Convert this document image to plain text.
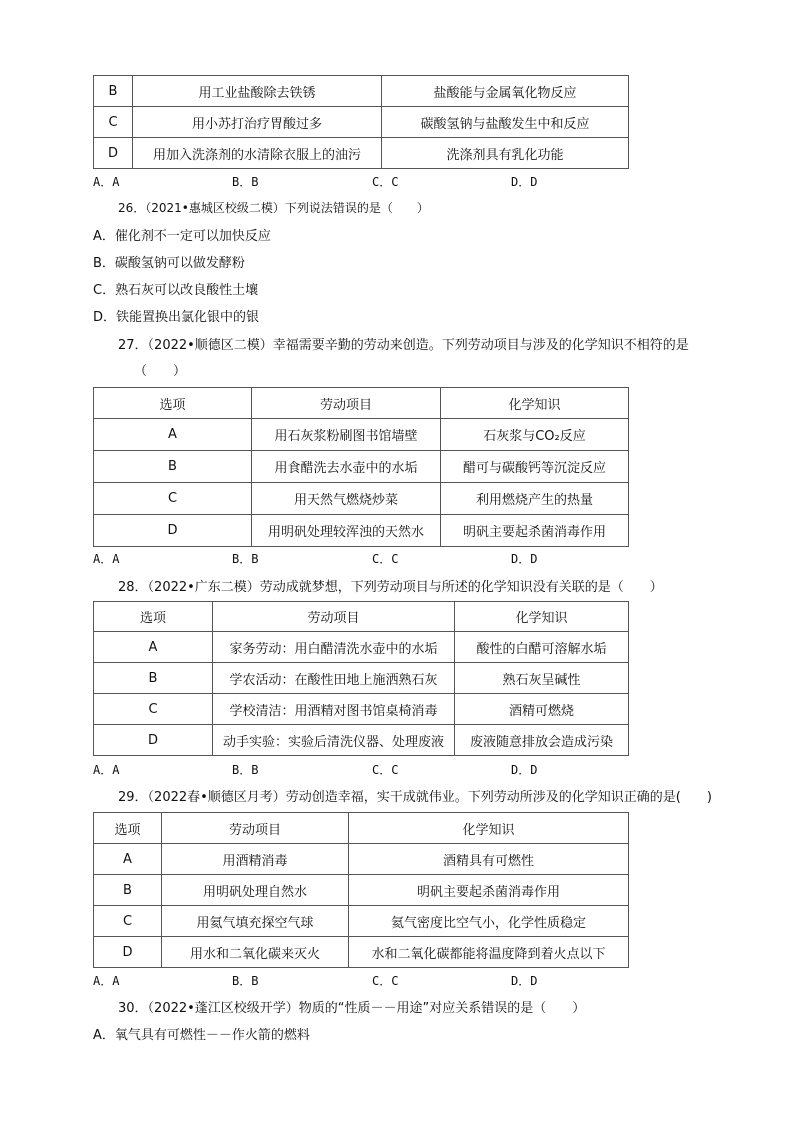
B	用工业盐酸除去铁锈	盐酸能与金属氧化物反应
C	用小苏打治疗胃酸过多	碳酸氢钠与盐酸发生中和反应
D	用加入洗涤剂的水清除衣服上的油污	洗涤剂具有乳化功能
A．A	B．B	C．C	D．D
26．（2021•惠城区校级二模）下列说法错误的是（　　）
A．催化剂不一定可以加快反应
B．碳酸氢钠可以做发酵粉
C．熟石灰可以改良酸性土壤
D．铁能置换出氯化银中的银
27．（2022•顺德区二模）幸福需要辛勤的劳动来创造。下列劳动项目与涉及的化学知识不相符的是
（　　）
选项	劳动项目	化学知识
A	用石灰浆粉刷图书馆墙壁	石灰浆与CO₂反应
B	用食醋洗去水壶中的水垢	醋可与碳酸钙等沉淀反应
C	用天然气燃烧炒菜	利用燃烧产生的热量
D	用明矾处理较浑浊的天然水	明矾主要起杀菌消毒作用
A．A	B．B	C．C	D．D
28．（2022•广东二模）劳动成就梦想，下列劳动项目与所述的化学知识没有关联的是（　　）
选项	劳动项目	化学知识
A	家务劳动：用白醋清洗水壶中的水垢	酸性的白醋可溶解水垢
B	学农活动：在酸性田地上施洒熟石灰	熟石灰呈碱性
C	学校清洁：用酒精对图书馆桌椅消毒	酒精可燃烧
D	动手实验：实验后清洗仪器、处理废液	废液随意排放会造成污染
A．A	B．B	C．C	D．D
29．（2022春•顺德区月考）劳动创造幸福，实干成就伟业。下列劳动所涉及的化学知识正确的是(　　)
选项	劳动项目	化学知识
A	用酒精消毒	酒精具有可燃性
B	用明矾处理自然水	明矾主要起杀菌消毒作用
C	用氦气填充探空气球	氦气密度比空气小，化学性质稳定
D	用水和二氧化碳来灭火	水和二氧化碳都能将温度降到着火点以下
A．A	B．B	C．C	D．D
30．（2022•蓬江区校级开学）物质的“性质－－用途”对应关系错误的是（　　）
A．氧气具有可燃性－－作火箭的燃料
